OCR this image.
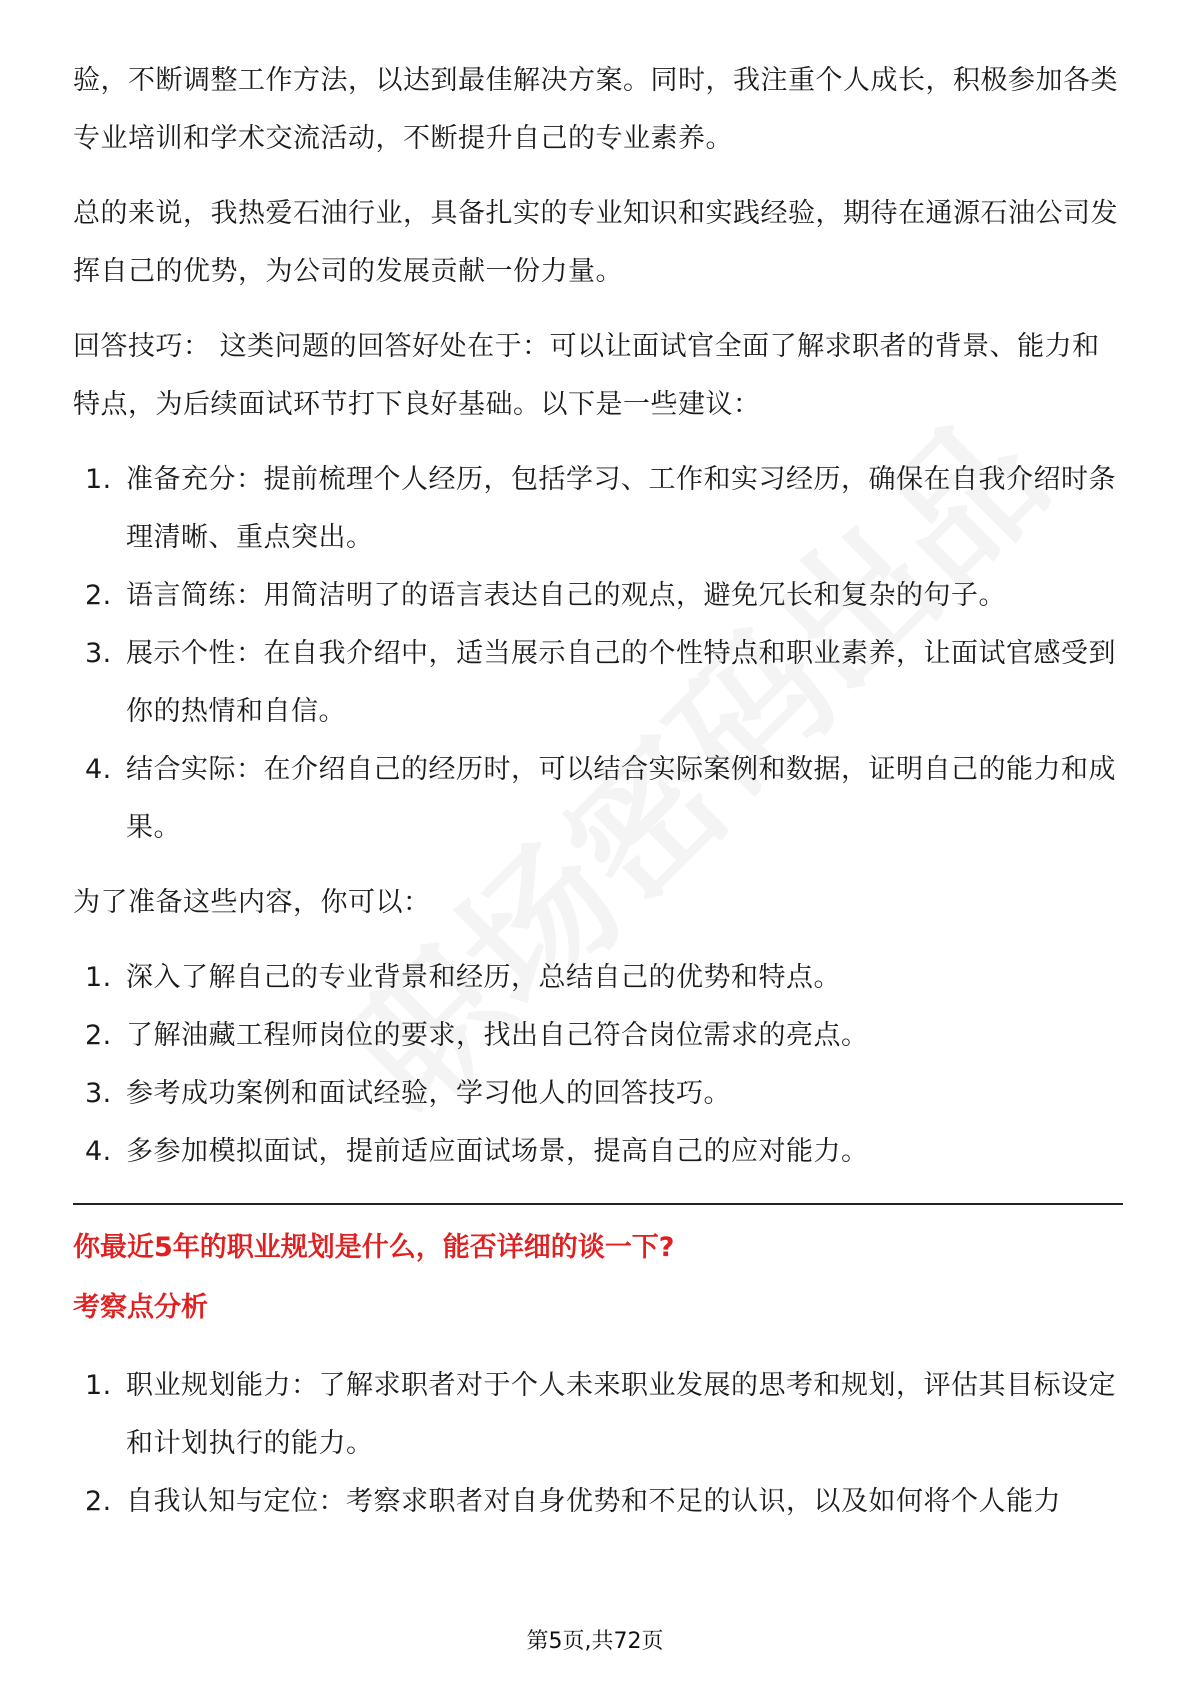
验，不断调整工作方法，以达到最佳解决方案。同时，我注重个人成长，积极参加各类专业培训和学术交流活动，不断提升自己的专业素养。

总的来说，我热爱石油行业，具备扎实的专业知识和实践经验，期待在通源石油公司发挥自己的优势，为公司的发展贡献一份力量。

回答技巧： 这类问题的回答好处在于：可以让面试官全面了解求职者的背景、能力和特点，为后续面试环节打下良好基础。以下是一些建议：

1. 准备充分：提前梳理个人经历，包括学习、工作和实习经历，确保在自我介绍时条理清晰、重点突出。
2. 语言简练：用简洁明了的语言表达自己的观点，避免冗长和复杂的句子。
3. 展示个性：在自我介绍中，适当展示自己的个性特点和职业素养，让面试官感受到你的热情和自信。
4. 结合实际：在介绍自己的经历时，可以结合实际案例和数据，证明自己的能力和成果。

为了准备这些内容，你可以：

1. 深入了解自己的专业背景和经历，总结自己的优势和特点。
2. 了解油藏工程师岗位的要求，找出自己符合岗位需求的亮点。
3. 参考成功案例和面试经验，学习他人的回答技巧。
4. 多参加模拟面试，提前适应面试场景，提高自己的应对能力。

你最近5年的职业规划是什么，能否详细的谈一下?

考察点分析

1. 职业规划能力：了解求职者对于个人未来职业发展的思考和规划，评估其目标设定和计划执行的能力。
2. 自我认知与定位：考察求职者对自身优势和不足的认识，以及如何将个人能力
第5页,共72页
